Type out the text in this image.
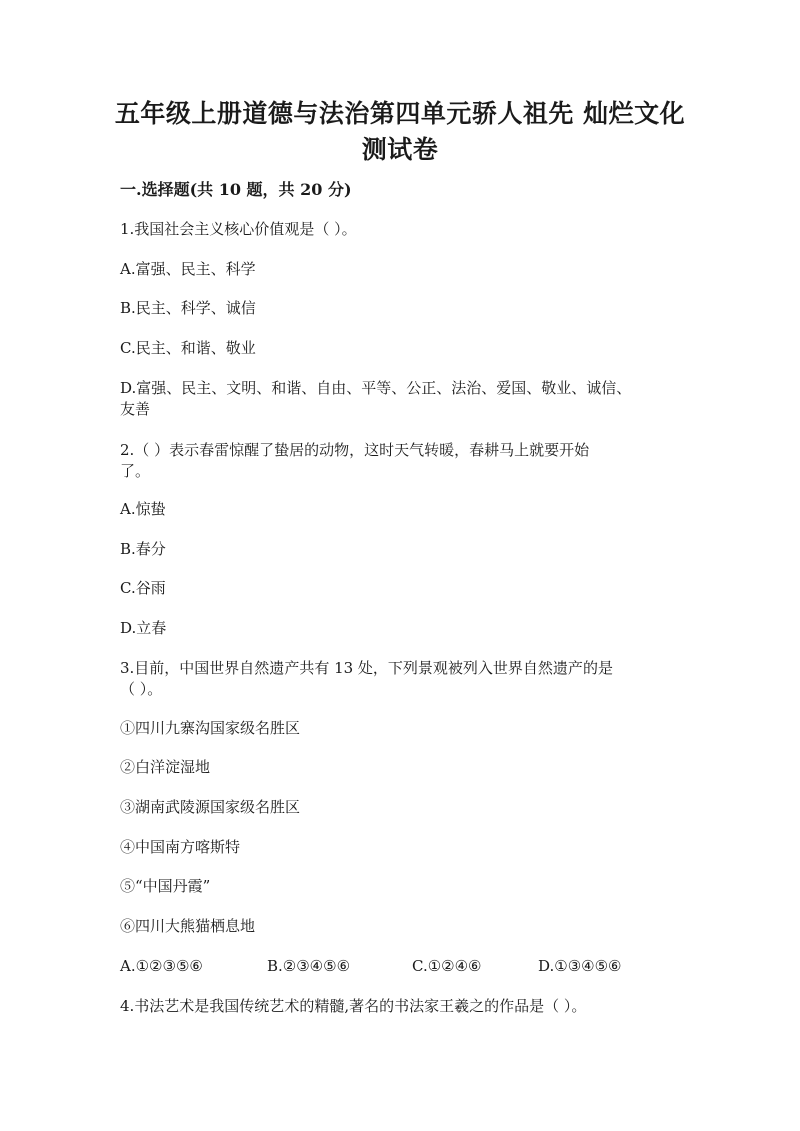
五年级上册道德与法治第四单元骄人祖先 灿烂文化
测试卷
一.选择题(共 10 题，共 20 分)
1.我国社会主义核心价值观是（ ）。
A.富强、民主、科学
B.民主、科学、诚信
C.民主、和谐、敬业
D.富强、民主、文明、和谐、自由、平等、公正、法治、爱国、敬业、诚信、
友善
2.（ ）表示春雷惊醒了蛰居的动物，这时天气转暖，春耕马上就要开始
了。
A.惊蛰
B.春分
C.谷雨
D.立春
3.目前，中国世界自然遗产共有 13 处，下列景观被列入世界自然遗产的是
（ ）。
①四川九寨沟国家级名胜区
②白洋淀湿地
③湖南武陵源国家级名胜区
④中国南方喀斯特
⑤“中国丹霞”
⑥四川大熊猫栖息地
A.①②③⑤⑥	B.②③④⑤⑥	C.①②④⑥	D.①③④⑤⑥
4.书法艺术是我国传统艺术的精髓,著名的书法家王羲之的作品是（ ）。
